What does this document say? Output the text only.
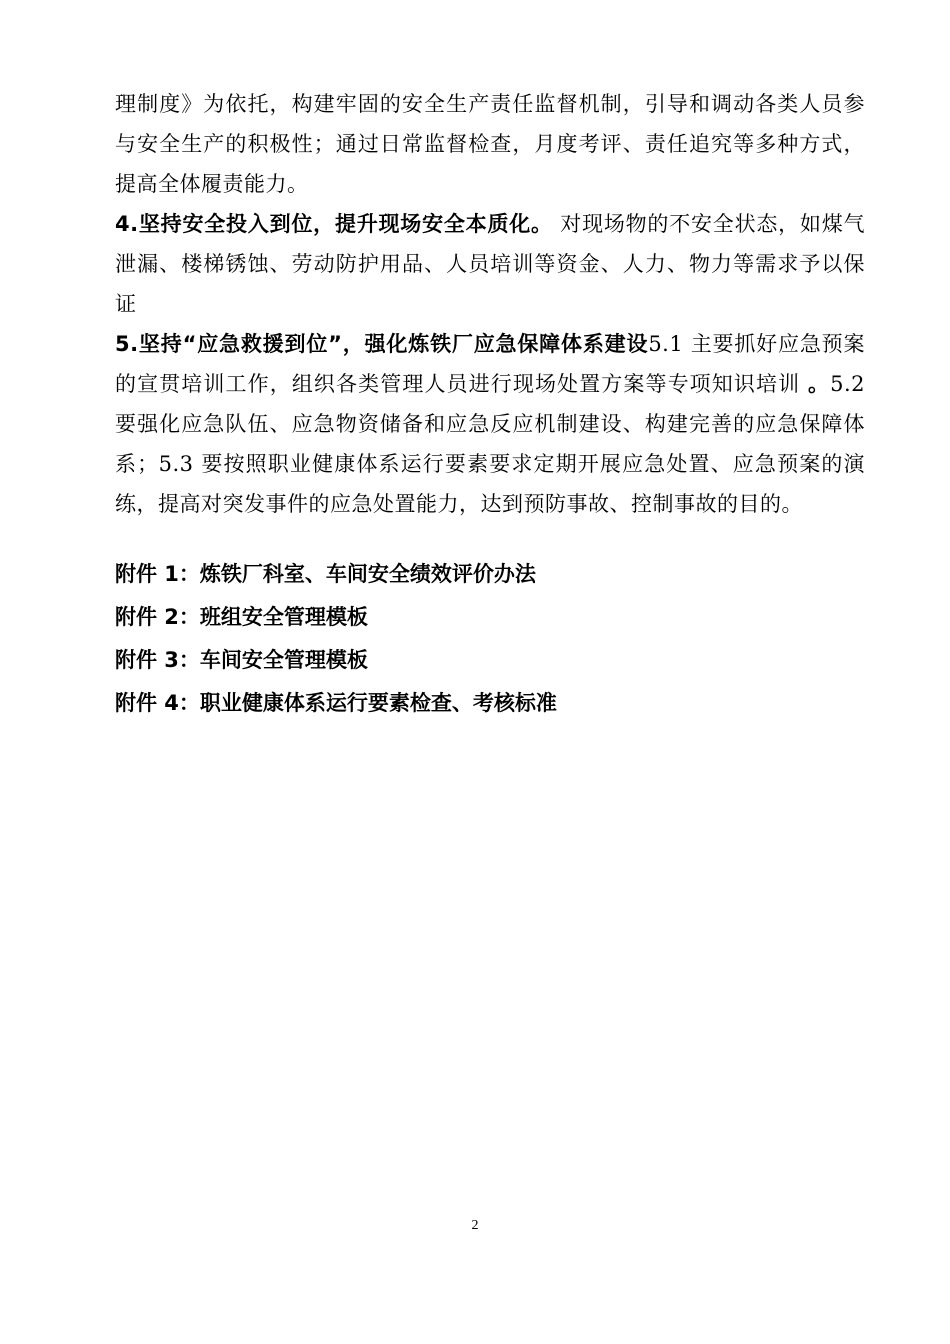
理制度》为依托，构建牢固的安全生产责任监督机制，引导和调动各类人员参与安全生产的积极性；通过日常监督检查，月度考评、责任追究等多种方式，提高全体履责能力。

4.坚持安全投入到位，提升现场安全本质化。 对现场物的不安全状态，如煤气泄漏、楼梯锈蚀、劳动防护用品、人员培训等资金、人力、物力等需求予以保证

5.坚持“应急救援到位”，强化炼铁厂应急保障体系建设5.1 主要抓好应急预案的宣贯培训工作，组织各类管理人员进行现场处置方案等专项知识培训 。5.2 要强化应急队伍、应急物资储备和应急反应机制建设、构建完善的应急保障体系；5.3 要按照职业健康体系运行要素要求定期开展应急处置、应急预案的演练，提高对突发事件的应急处置能力，达到预防事故、控制事故的目的。

附件 1：炼铁厂科室、车间安全绩效评价办法

附件 2：班组安全管理模板

附件 3：车间安全管理模板

附件 4：职业健康体系运行要素检查、考核标准

2
